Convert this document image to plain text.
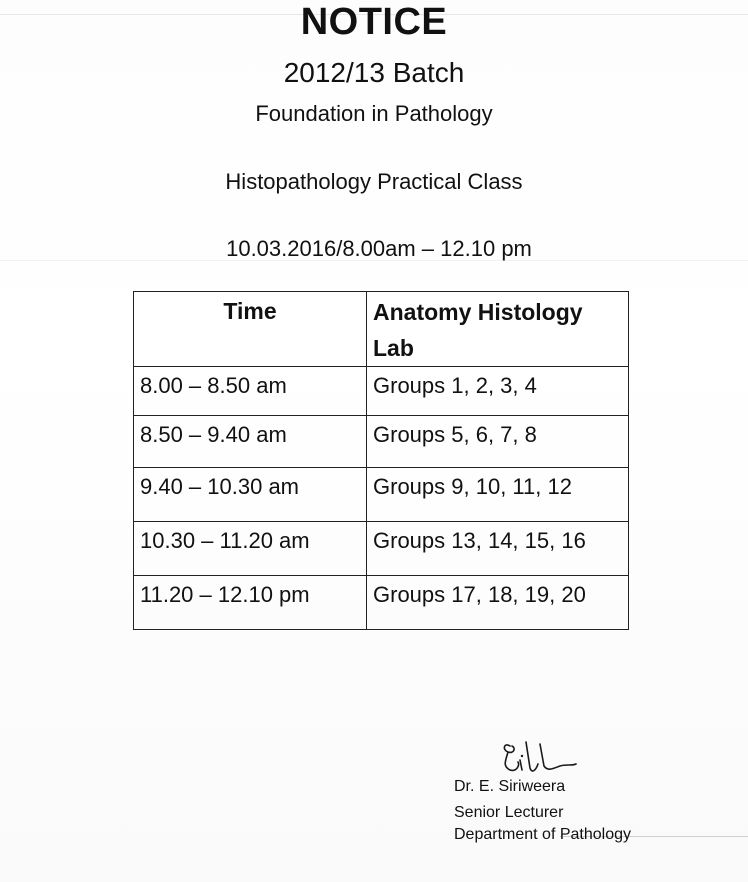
NOTICE
2012/13 Batch
Foundation in Pathology
Histopathology Practical Class
10.03.2016/8.00am – 12.10 pm
Time	Anatomy Histology Lab
8.00 – 8.50 am	Groups 1, 2, 3, 4
8.50 – 9.40 am	Groups 5, 6, 7, 8
9.40 – 10.30 am	Groups 9, 10, 11, 12
10.30 – 11.20 am	Groups 13, 14, 15, 16
11.20 – 12.10 pm	Groups 17, 18, 19, 20
Dr. E. Siriweera
Senior Lecturer
Department of Pathology
